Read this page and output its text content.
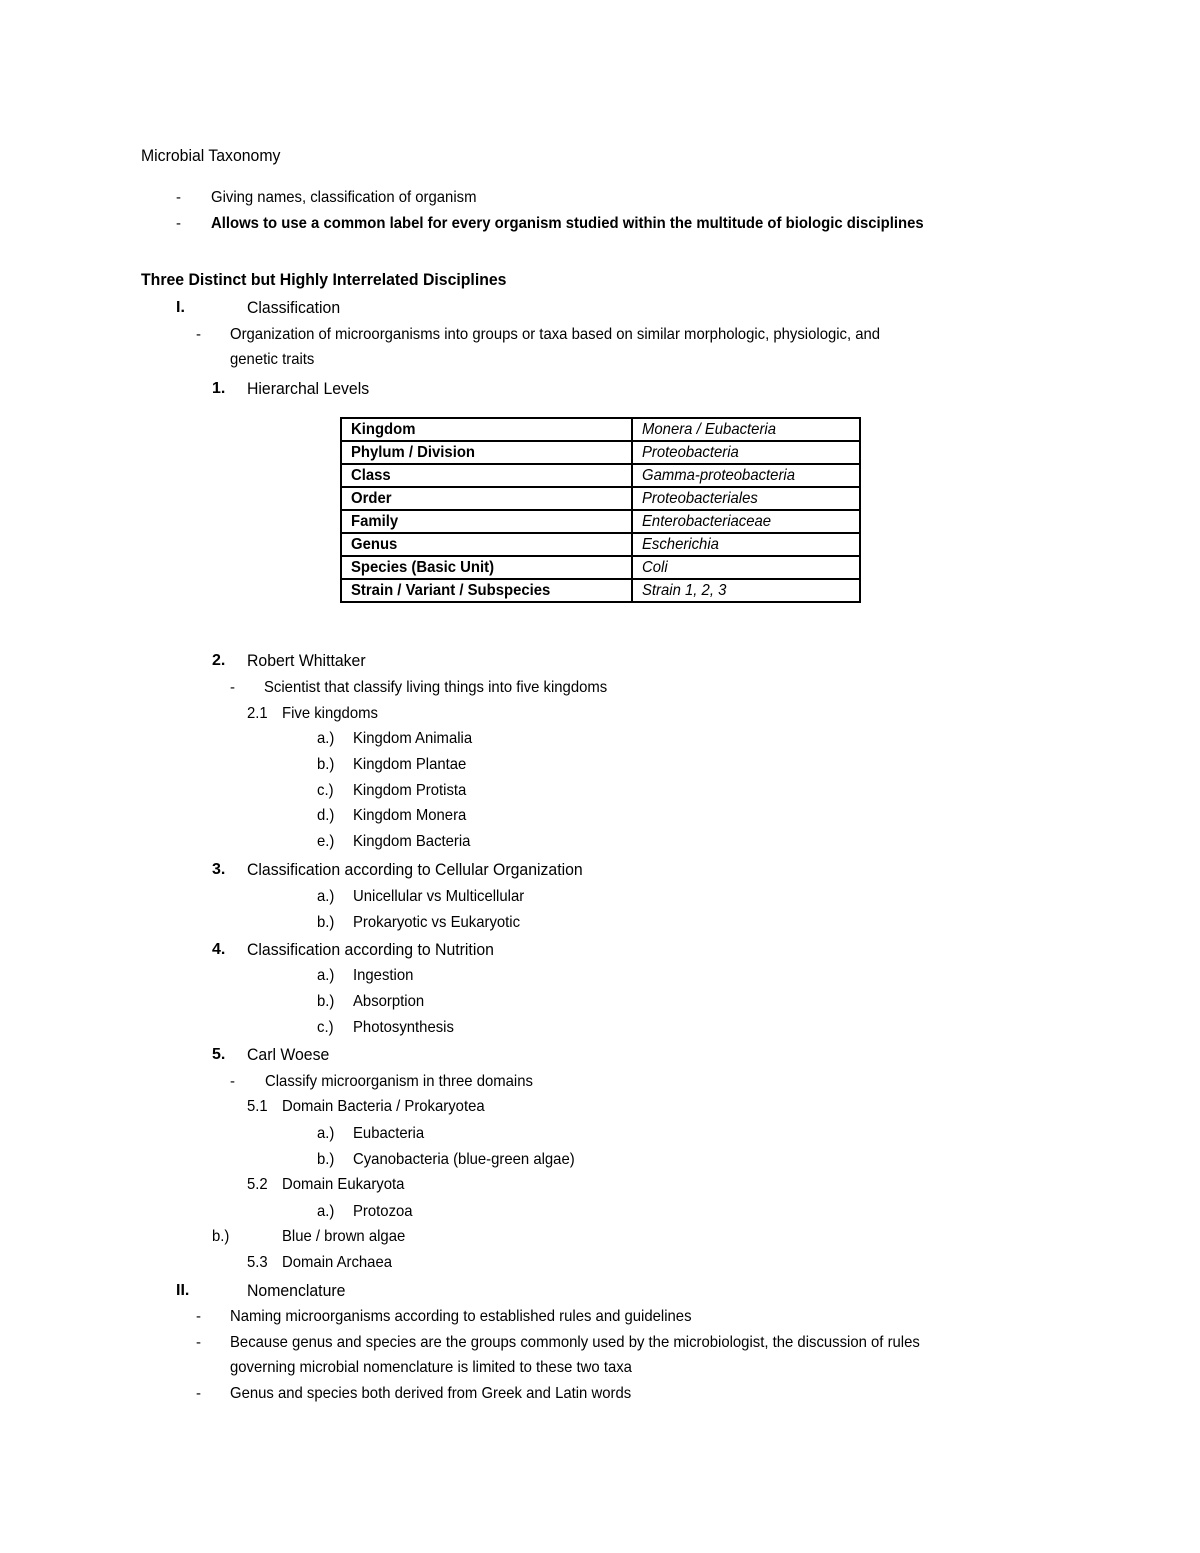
Microbial Taxonomy
- Giving names, classification of organism
- Allows to use a common label for every organism studied within the multitude of biologic disciplines
Three Distinct but Highly Interrelated Disciplines
I.	Classification
- Organization of microorganisms into groups or taxa based on similar morphologic, physiologic, and
genetic traits
1. Hierarchal Levels
Kingdom	Monera / Eubacteria
Phylum / Division	Proteobacteria
Class	Gamma-proteobacteria
Order	Proteobacteriales
Family	Enterobacteriaceae
Genus	Escherichia
Species (Basic Unit)	Coli
Strain / Variant / Subspecies	Strain 1, 2, 3
2. Robert Whittaker
- Scientist that classify living things into five kingdoms
2.1 Five kingdoms
a.) Kingdom Animalia
b.) Kingdom Plantae
c.) Kingdom Protista
d.) Kingdom Monera
e.) Kingdom Bacteria
3. Classification according to Cellular Organization
a.) Unicellular vs Multicellular
b.) Prokaryotic vs Eukaryotic
4. Classification according to Nutrition
a.) Ingestion
b.) Absorption
c.) Photosynthesis
5. Carl Woese
- Classify microorganism in three domains
5.1 Domain Bacteria / Prokaryotea
a.) Eubacteria
b.) Cyanobacteria (blue-green algae)
5.2 Domain Eukaryota
a.) Protozoa
b.)	Blue / brown algae
5.3 Domain Archaea
II.	Nomenclature
- Naming microorganisms according to established rules and guidelines
- Because genus and species are the groups commonly used by the microbiologist, the discussion of rules
governing microbial nomenclature is limited to these two taxa
- Genus and species both derived from Greek and Latin words
